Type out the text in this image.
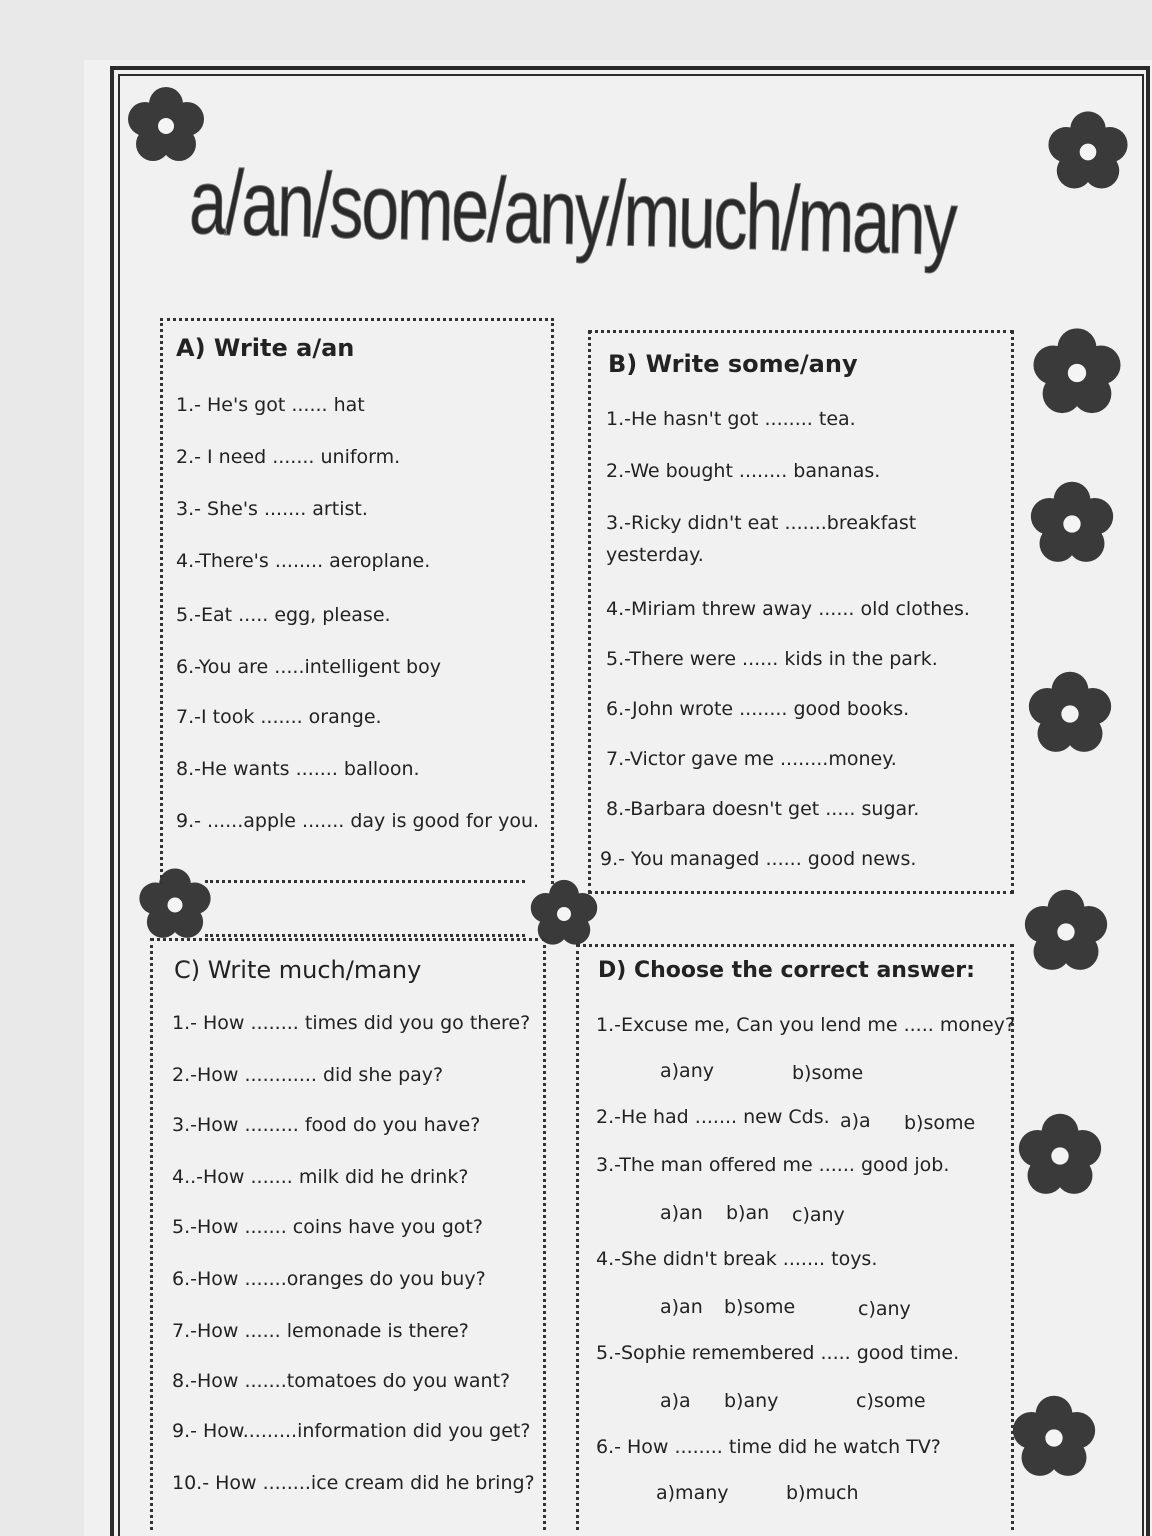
a/an/some/any/much/many
A) Write a/an
1.- He's got ...... hat
2.- I need ....... uniform.
3.- She's ....... artist.
4.-There's ........ aeroplane.
5.-Eat ..... egg, please.
6.-You are .....intelligent boy
7.-I took ....... orange.
8.-He wants ....... balloon.
9.- ......apple ....... day is good for you.
B) Write some/any
1.-He hasn't got ........ tea.
2.-We bought ........ bananas.
3.-Ricky didn't eat .......breakfast
yesterday.
4.-Miriam threw away ...... old clothes.
5.-There were ...... kids in the park.
6.-John wrote ........ good books.
7.-Victor gave me ........money.
8.-Barbara doesn't get ..... sugar.
9.- You managed ...... good news.
C) Write much/many
1.- How ........ times did you go there?
2.-How ............ did she pay?
3.-How ......... food do you have?
4..-How ....... milk did he drink?
5.-How ....... coins have you got?
6.-How .......oranges do you buy?
7.-How ...... lemonade is there?
8.-How .......tomatoes do you want?
9.- How.........information did you get?
10.- How ........ice cream did he bring?
D) Choose the correct answer:
1.-Excuse me, Can you lend me ..... money?
a)any	b)some
2.-He had ....... new Cds. a)a b)some
3.-The man offered me ...... good job.
a)an b)an c)any
4.-She didn't break ....... toys.
a)an b)some	c)any
5.-Sophie remembered ..... good time.
a)a b)any	c)some
6.- How ........ time did he watch TV?
a)many	b)much
